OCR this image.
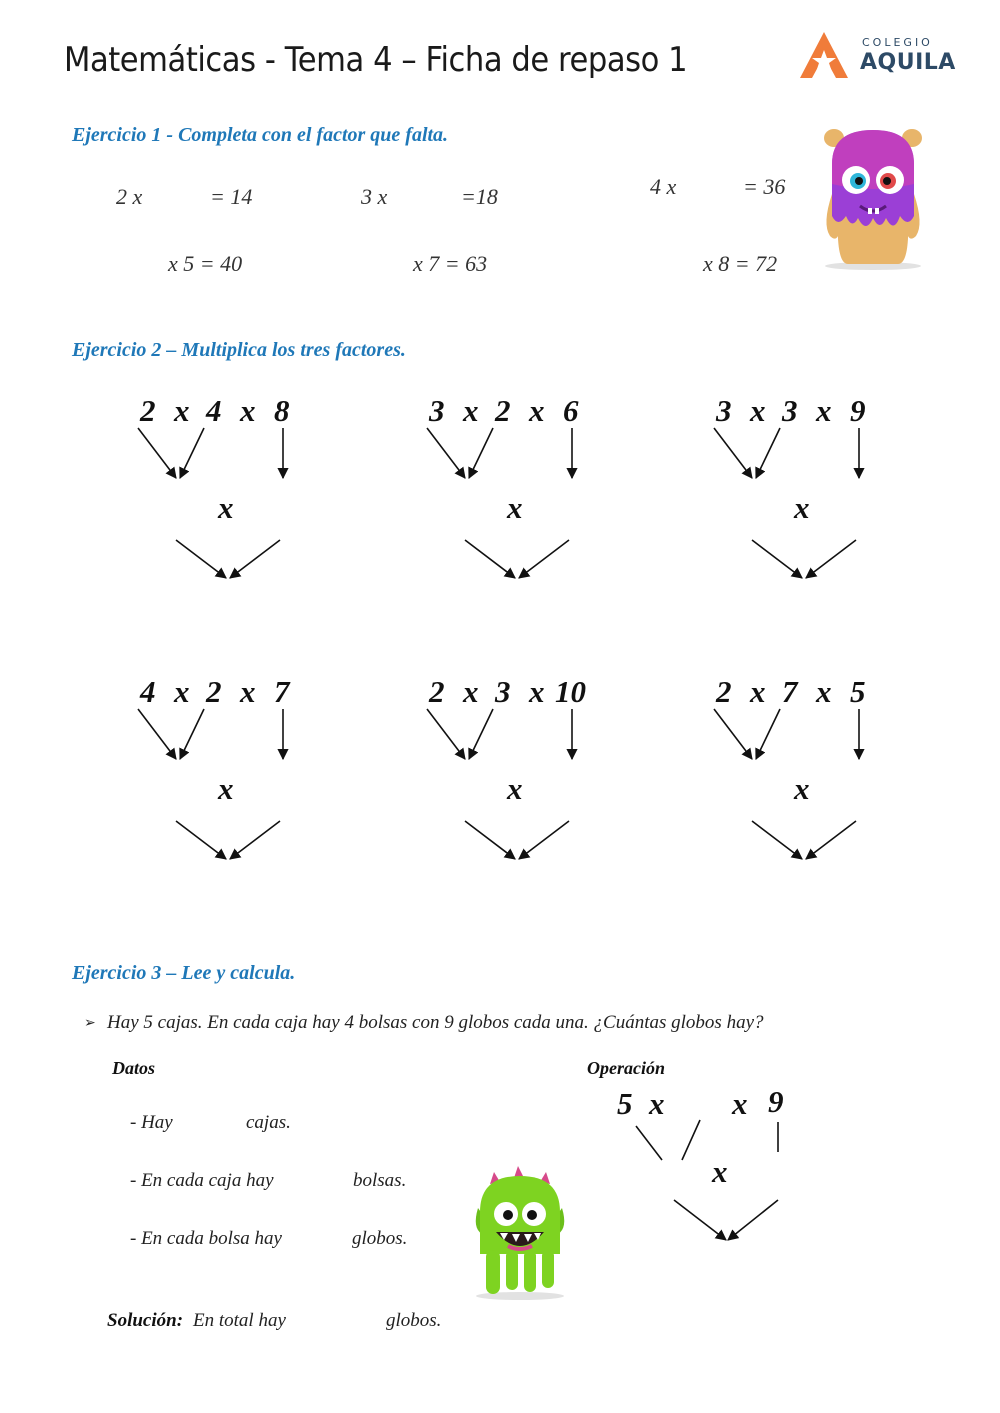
Matemáticas - Tema 4 – Ficha de repaso 1	COLEGIO
AQUILA
Ejercicio 1 - Completa con el factor que falta.
2 x	= 14	3 x	=18	4 x	= 36
x 5 = 40	x 7 = 63	x 8 = 72
Ejercicio 2 – Multiplica los tres factores.
2 x 4 x 8
x
3 x 2 x 6
x
3 x 3 x 9
x
4 x 2 x 7
x
2 x 3 x 10
x
2 x 7 x 5
x
Ejercicio 3 – Lee y calcula.
➢ Hay 5 cajas. En cada caja hay 4 bolsas con 9 globos cada una. ¿Cuántas globos hay?
Datos	Operación
- Hay	cajas.
- En cada caja hay	bolsas.
- En cada bolsa hay	globos.
Solución: En total hay	globos.
5 x x 9
x
